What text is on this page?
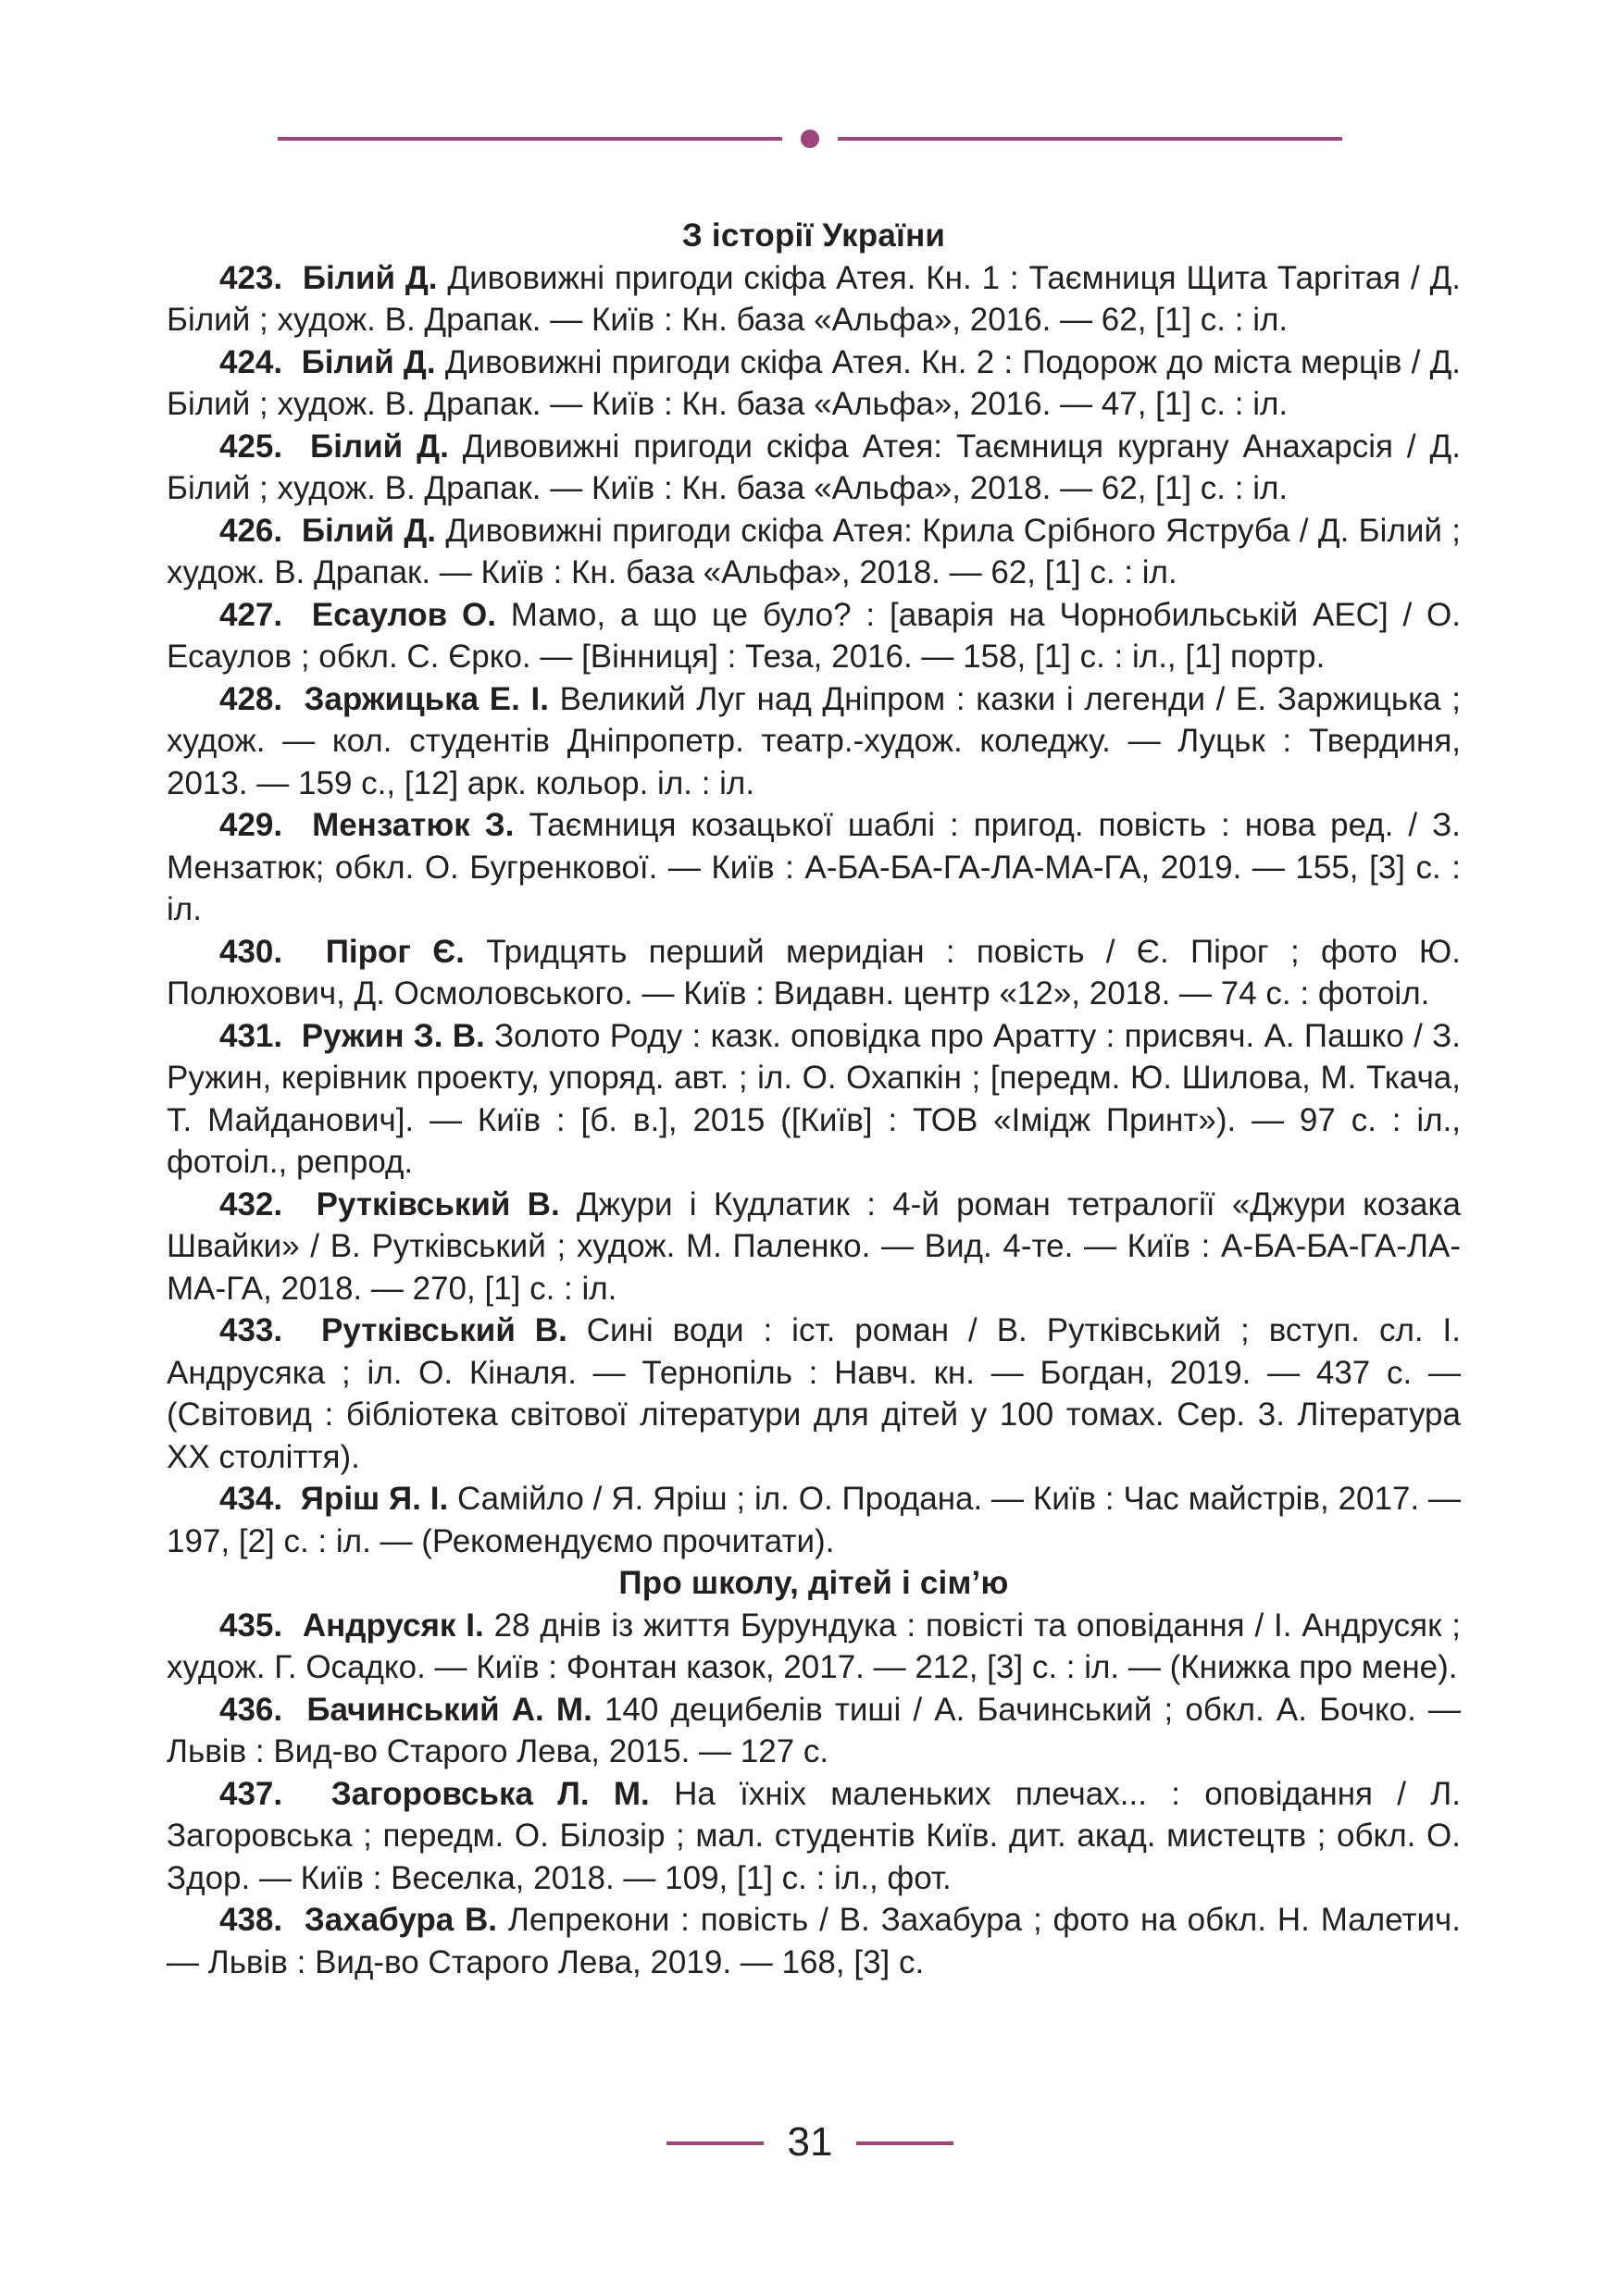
З історії України

423. Білий Д. Дивовижні пригоди скіфа Атея. Кн. 1 : Таємниця Щита Таргітая / Д. Білий ; худож. В. Драпак. — Київ : Кн. база «Альфа», 2016. — 62, [1] с. : іл.

424. Білий Д. Дивовижні пригоди скіфа Атея. Кн. 2 : Подорож до міста мерців / Д. Білий ; худож. В. Драпак. — Київ : Кн. база «Альфа», 2016. — 47, [1] с. : іл.

425. Білий Д. Дивовижні пригоди скіфа Атея: Таємниця кургану Анахарсія / Д. Білий ; худож. В. Драпак. — Київ : Кн. база «Альфа», 2018. — 62, [1] с. : іл.

426. Білий Д. Дивовижні пригоди скіфа Атея: Крила Срібного Яструба / Д. Білий ; худож. В. Драпак. — Київ : Кн. база «Альфа», 2018. — 62, [1] с. : іл.

427. Есаулов О. Мамо, а що це було? : [аварія на Чорнобильській АЕС] / О. Есаулов ; обкл. С. Єрко. — [Вінниця] : Теза, 2016. — 158, [1] с. : іл., [1] портр.

428. Заржицька Е. І. Великий Луг над Дніпром : казки і легенди / Е. Заржицька ; худож. — кол. студентів Дніпропетр. театр.-худож. коледжу. — Луцьк : Твердиня, 2013. — 159 с., [12] арк. кольор. іл. : іл.

429. Мензатюк З. Таємниця козацької шаблі : пригод. повість : нова ред. / З. Мензатюк; обкл. О. Бугренкової. — Київ : А-БА-БА-ГА-ЛА-МА-ГА, 2019. — 155, [3] с. : іл.

430. Пірог Є. Тридцять перший меридіан : повість / Є. Пірог ; фото Ю. Полюхович, Д. Осмоловського. — Київ : Видавн. центр «12», 2018. — 74 с. : фотоіл.

431. Ружин З. В. Золото Роду : казк. оповідка про Аратту : присвяч. А. Пашко / З. Ружин, керівник проекту, упоряд. авт. ; іл. О. Охапкін ; [передм. Ю. Шилова, М. Ткача, Т. Майданович]. — Київ : [б. в.], 2015 ([Київ] : ТОВ «Імідж Принт»). — 97 с. : іл., фотоіл., репрод.

432. Рутківський В. Джури і Кудлатик : 4-й роман тетралогії «Джури козака Швайки» / В. Рутківський ; худож. М. Паленко. — Вид. 4-те. — Київ : А-БА-БА-ГА-ЛА-МА-ГА, 2018. — 270, [1] с. : іл.

433. Рутківський В. Сині води : іст. роман / В. Рутківський ; вступ. сл. І. Андрусяка ; іл. О. Кіналя. — Тернопіль : Навч. кн. — Богдан, 2019. — 437 с. — (Світовид : бібліотека світової літератури для дітей у 100 томах. Сер. 3. Література ХХ століття).

434. Яріш Я. І. Самійло / Я. Яріш ; іл. О. Продана. — Київ : Час майстрів, 2017. — 197, [2] с. : іл. — (Рекомендуємо прочитати).

Про школу, дітей і сім’ю

435. Андрусяк І. 28 днів із життя Бурундука : повісті та оповідання / І. Андрусяк ; худож. Г. Осадко. — Київ : Фонтан казок, 2017. — 212, [3] с. : іл. — (Книжка про мене).

436. Бачинський А. М. 140 децибелів тиші / А. Бачинський ; обкл. А. Бочко. — Львів : Вид-во Старого Лева, 2015. — 127 с.

437. Загоровська Л. М. На їхніх маленьких плечах... : оповідання / Л. Загоровська ; передм. О. Білозір ; мал. студентів Київ. дит. акад. мистецтв ; обкл. О. Здор. — Київ : Веселка, 2018. — 109, [1] с. : іл., фот.

438. Захабура В. Лепрекони : повість / В. Захабура ; фото на обкл. Н. Малетич. — Львів : Вид-во Старого Лева, 2019. — 168, [3] с.

31
